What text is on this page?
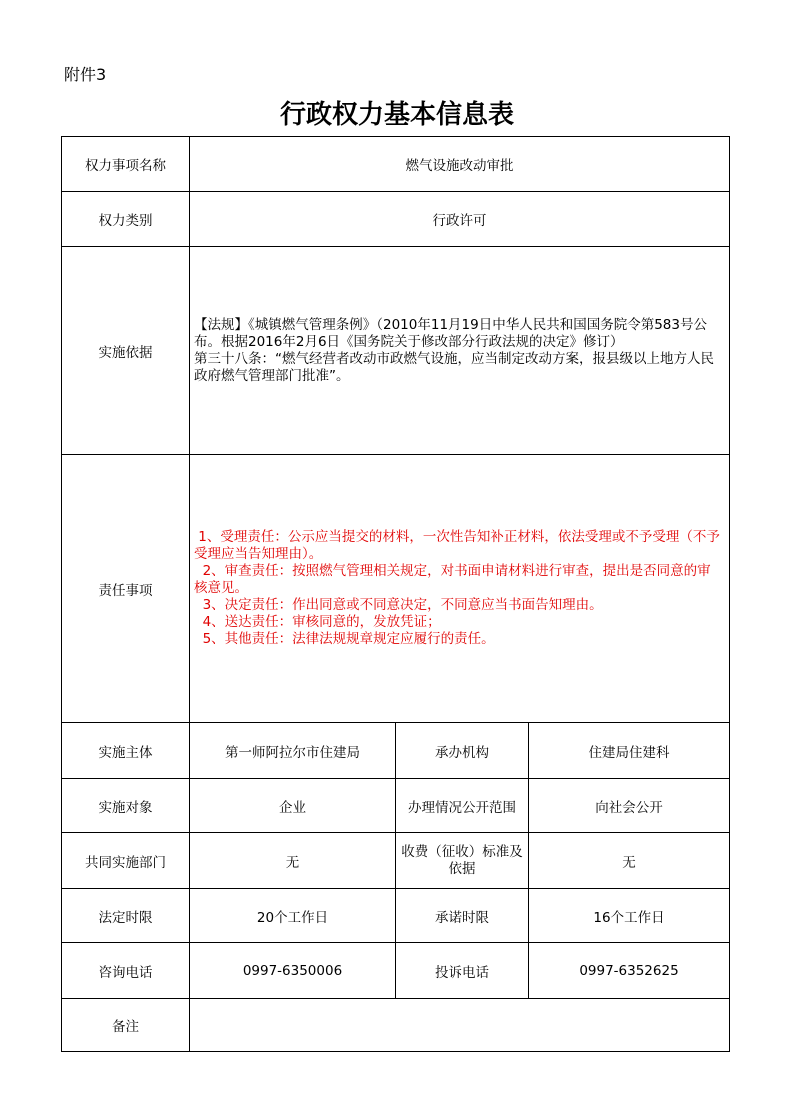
附件3
行政权力基本信息表
权力事项名称	燃气设施改动审批		
权力类别	行政许可		
实施依据	【法规】《城镇燃气管理条例》（2010年11月19日中华人民共和国国务院令第583号公布。根据2016年2月6日《国务院关于修改部分行政法规的决定》修订）
第三十八条：“燃气经营者改动市政燃气设施，应当制定改动方案，报县级以上地方人民政府燃气管理部门批准”。		

责任事项	1、受理责任：公示应当提交的材料，一次性告知补正材料，依法受理或不予受理（不予受理应当告知理由）。
2、审查责任：按照燃气管理相关规定，对书面申请材料进行审查，提出是否同意的审核意见。
3、决定责任：作出同意或不同意决定，不同意应当书面告知理由。
4、送达责任：审核同意的，发放凭证；
5、其他责任：法律法规规章规定应履行的责任。		

实施主体	第一师阿拉尔市住建局	承办机构	住建局住建科
实施对象	企业	办理情况公开范围	向社会公开
共同实施部门	无	收费（征收）标准及依据	无
法定时限	20个工作日	承诺时限	16个工作日
咨询电话	0997-6350006	投诉电话	0997-6352625
备注			
